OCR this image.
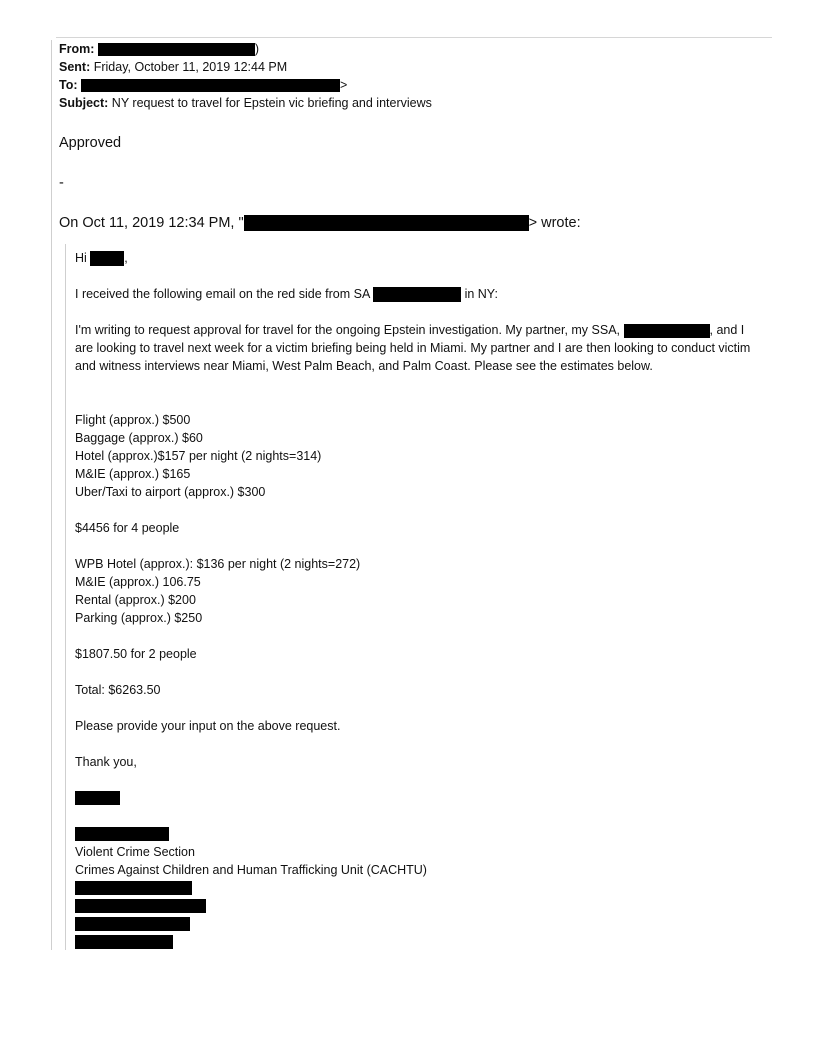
From:	)
Sent: Friday, October 11, 2019 12:44 PM
To:	>
Subject: NY request to travel for Epstein vic briefing and interviews
Approved
-
On Oct 11, 2019 12:34 PM, "	> wrote:
Hi	,
I received the following email on the red side from SA	in NY:
I'm writing to request approval for travel for the ongoing Epstein investigation. My partner, my SSA,	, and I are looking to travel next week for a victim briefing being held in Miami. My partner and I are then looking to conduct victim and witness interviews near Miami, West Palm Beach, and Palm Coast. Please see the estimates below.
Flight (approx.) $500
Baggage (approx.) $60
Hotel (approx.)$157 per night (2 nights=314)
M&IE (approx.) $165
Uber/Taxi to airport (approx.) $300
$4456 for 4 people
WPB Hotel (approx.): $136 per night (2 nights=272)
M&IE (approx.) 106.75
Rental (approx.) $200
Parking (approx.) $250
$1807.50 for 2 people
Total: $6263.50
Please provide your input on the above request.
Thank you,
Violent Crime Section
Crimes Against Children and Human Trafficking Unit (CACHTU)
